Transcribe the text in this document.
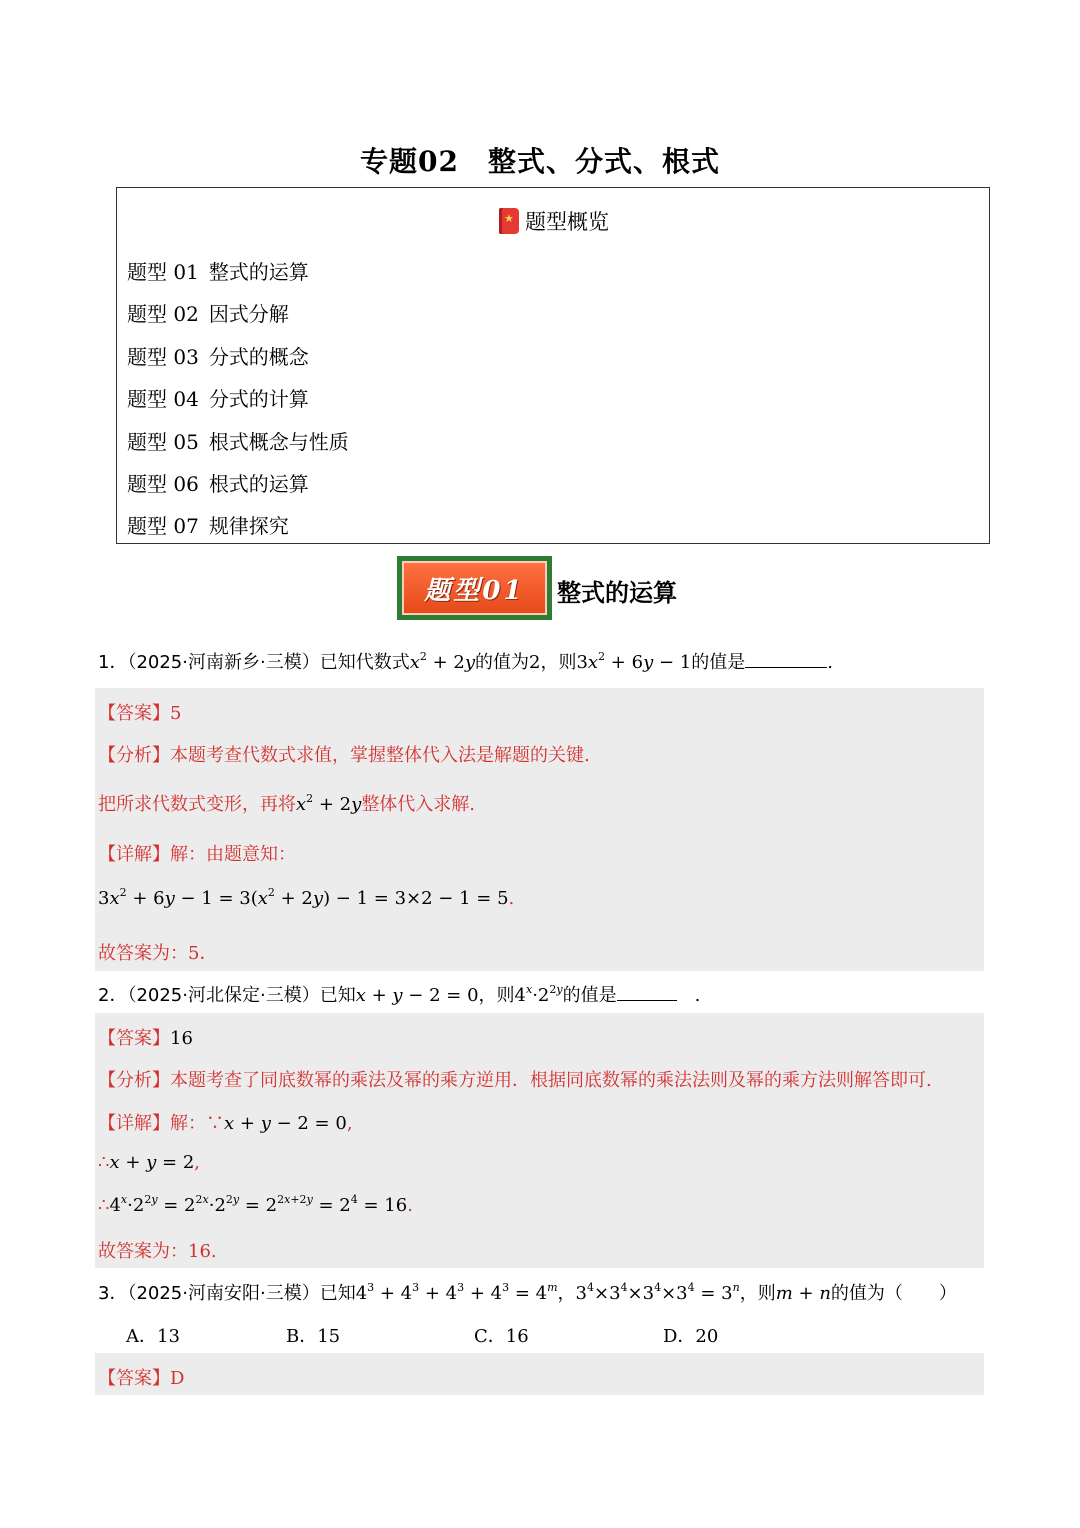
专题02　整式、分式、根式
★题型概览
题型 01 整式的运算
题型 02 因式分解
题型 03 分式的概念
题型 04 分式的计算
题型 05 根式概念与性质
题型 06 根式的运算
题型 07 规律探究
题型01	整式的运算
1．（2025·河南新乡·三模）已知代数式$x^2 + 2y$的值为2，则$3x^2 + 6y - 1$的值是	.
【答案】5
【分析】本题考查代数式求值，掌握整体代入法是解题的关键.
把所求代数式变形，再将$x^2 + 2y$整体代入求解.
【详解】解：由题意知：
$3x^2 + 6y - 1 = 3(x^2 + 2y) - 1 = 3\times 2 - 1 = 5$.
故答案为：5．
2．（2025·河北保定·三模）已知x + y − 2 = 0，则$4^x\cdot 2^{2y}$的值是　	.
【答案】16
【分析】本题考查了同底数幂的乘法及幂的乘方逆用．根据同底数幂的乘法法则及幂的乘方法则解答即可.
【详解】解：∵x + y − 2 = 0,
∴x + y = 2,
$\therefore 4^x\cdot 2^{2y} = 2^{2x}\cdot 2^{2y} = 2^{2x+2y} = 2^4 = 16$.
故答案为：16.
3．（2025·河南安阳·三模）已知$4^3 + 4^3 + 4^3 + 4^3 = 4^m$，$3^4\times 3^4\times 3^4\times 3^4 = 3^n$，则m + n的值为（　　）
A．13	B．15	C．16	D．20
【答案】D
